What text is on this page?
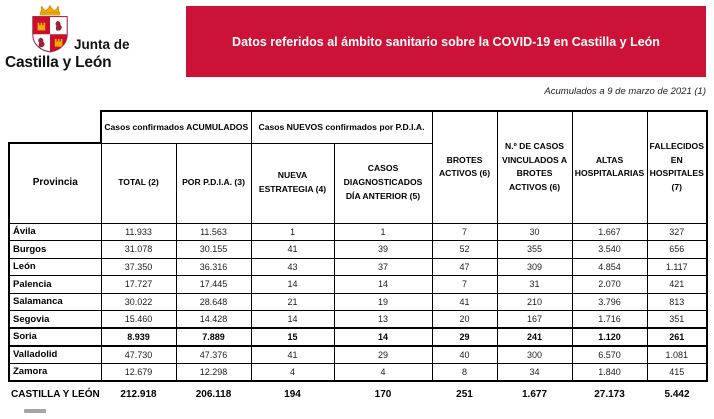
Junta de
Castilla y León
Datos referidos al ámbito sanitario sobre la COVID-19 en Castilla y León
Acumulados a 9 de marzo de 2021 (1)
	Casos confirmados ACUMULADOS		Casos NUEVOS confirmados por P.D.I.A.		BROTES ACTIVOS (6)	N.º DE CASOS VINCULADOS A BROTES ACTIVOS (6)	ALTAS HOSPITALARIAS	FALLECIDOS EN HOSPITALES (7)
Provincia	TOTAL (2)	POR P.D.I.A. (3)	NUEVA ESTRATEGIA (4)	CASOS DIAGNOSTICADOS DÍA ANTERIOR (5)				
Ávila	11.933	11.563	1	1	7	30	1.667	327
Burgos	31.078	30.155	41	39	52	355	3.540	656
León	37.350	36.316	43	37	47	309	4.854	1.117
Palencia	17.727	17.445	14	14	7	31	2.070	421
Salamanca	30.022	28.648	21	19	41	210	3.796	813
Segovia	15.460	14.428	14	13	20	167	1.716	351
Soria	8.939	7.889	15	14	29	241	1.120	261
Valladolid	47.730	47.376	41	29	40	300	6.570	1.081
Zamora	12.679	12.298	4	4	8	34	1.840	415
CASTILLA Y LEÓN	212.918	206.118	194	170	251	1.677	27.173	5.442
